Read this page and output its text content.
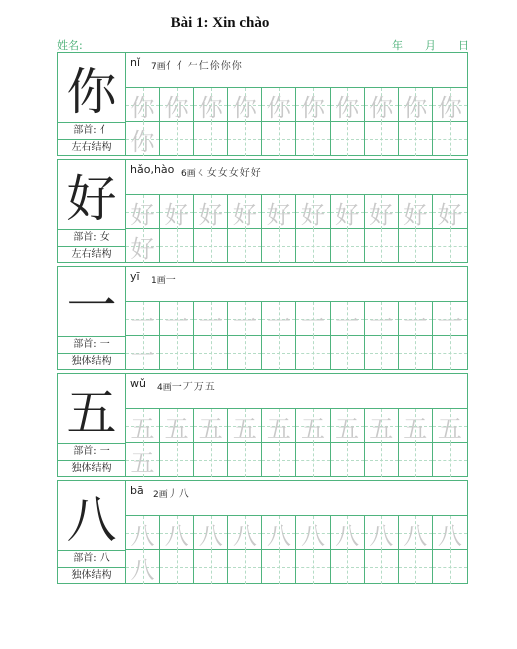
Bài 1: Xin chào
姓名:	年 月 日
你
部首: 亻
左右结构
nǐ 7画亻亻𠂉仁伱你你
你 你 你 你 你 你 你 你 你 你
你
好
部首: 女
左右结构
hǎo,hào 6画ㄑ女女女好好
好 好 好 好 好 好 好 好 好 好
好
一
部首: 一
独体结构
yī 1画一
一 一 一 一 一 一 一 一 一 一
一
五
部首: 一
独体结构
wǔ 4画一丆万五
五 五 五 五 五 五 五 五 五 五
五
八
部首: 八
独体结构
bā 2画丿八
八 八 八 八 八 八 八 八 八 八
八
